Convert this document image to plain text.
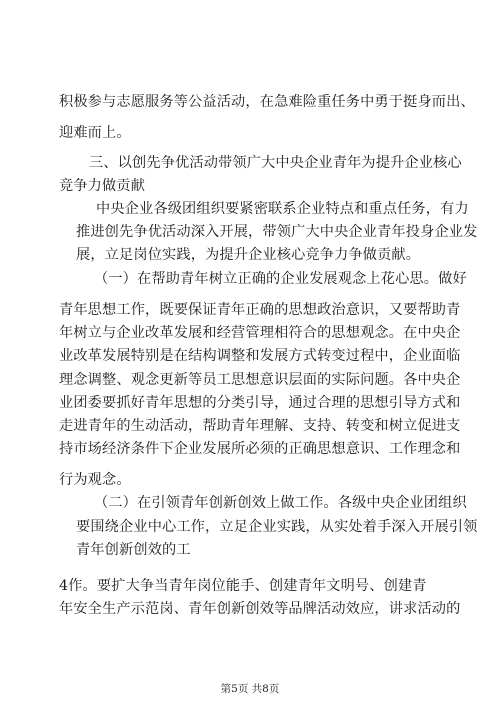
积极参与志愿服务等公益活动，在急难险重任务中勇于挺身而出、
迎难而上。
三、以创先争优活动带领广大中央企业青年为提升企业核心
竞争力做贡献
中央企业各级团组织要紧密联系企业特点和重点任务，有力
推进创先争优活动深入开展，带领广大中央企业青年投身企业发
展，立足岗位实践，为提升企业核心竞争力争做贡献。
（一）在帮助青年树立正确的企业发展观念上花心思。做好
青年思想工作，既要保证青年正确的思想政治意识，又要帮助青
年树立与企业改革发展和经营管理相符合的思想观念。在中央企
业改革发展特别是在结构调整和发展方式转变过程中，企业面临
理念调整、观念更新等员工思想意识层面的实际问题。各中央企
业团委要抓好青年思想的分类引导，通过合理的思想引导方式和
走进青年的生动活动，帮助青年理解、支持、转变和树立促进支
持市场经济条件下企业发展所必须的正确思想意识、工作理念和
行为观念。
（二）在引领青年创新创效上做工作。各级中央企业团组织
要围绕企业中心工作，立足企业实践，从实处着手深入开展引领
青年创新创效的工
4作。要扩大争当青年岗位能手、创建青年文明号、创建青
年安全生产示范岗、青年创新创效等品牌活动效应，讲求活动的
第5页 共8页
